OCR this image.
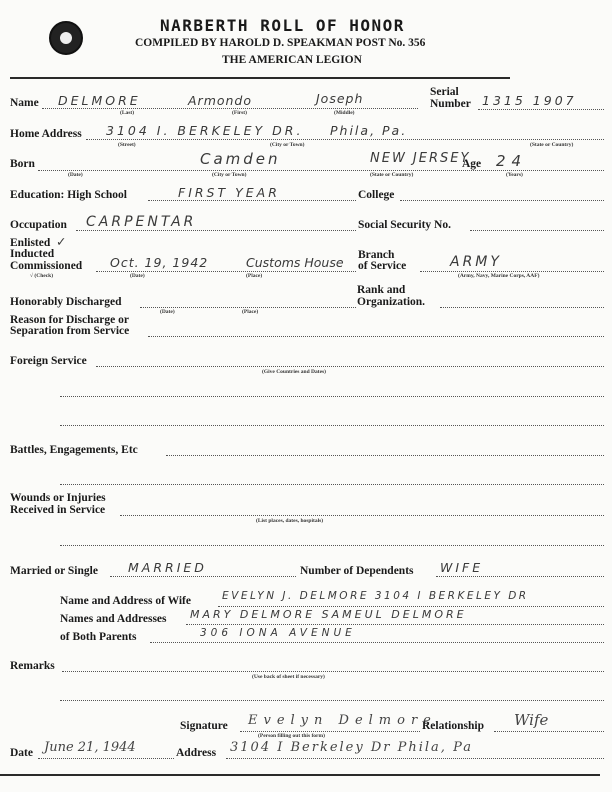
NARBERTH ROLL OF HONOR
COMPILED BY HAROLD D. SPEAKMAN POST No. 356
THE AMERICAN LEGION
Name DELMORE	Armondo	Joseph
(Last)	(First)	(Middle)
Serial
Number 1315 1907
Home Address 3104 I. BERKELEY DR. Phila, Pa.
(Street)	(City or Town)	(State or Country)
Born	Camden	NEW JERSEY
Age 24
(Date)	(City or Town)	(State or Country)	(Years)
Education: High School	FIRST YEAR	College
Occupation CARPENTAR	Social Security No.
Enlisted ✓
Inducted
Commissioned Oct. 19, 1942	Customs House
√ (Check)	(Date)	(Place)
Branch
of Service	ARMY
(Army, Navy, Marine Corps, AAF)
Rank and
Honorably Discharged	Organization.
(Date)	(Place)
Reason for Discharge or
Separation from Service
Foreign Service
(Give Countries and Dates)
Battles, Engagements, Etc
Wounds or Injuries
Received in Service
(List places, dates, hospitals)
Married or Single MARRIED	Number of Dependents WIFE
Name and Address of Wife	EVELYN J. DELMORE 3104 I BERKELEY DR
Names and Addresses MARY DELMORE SAMEUL DELMORE
of Both Parents	306 IONA AVENUE
Remarks
(Use back of sheet if necessary)
Signature Evelyn Delmore
(Person filling out this form)
Relationship Wife
Date June 21, 1944	Address 3104 I Berkeley Dr Phila, Pa
